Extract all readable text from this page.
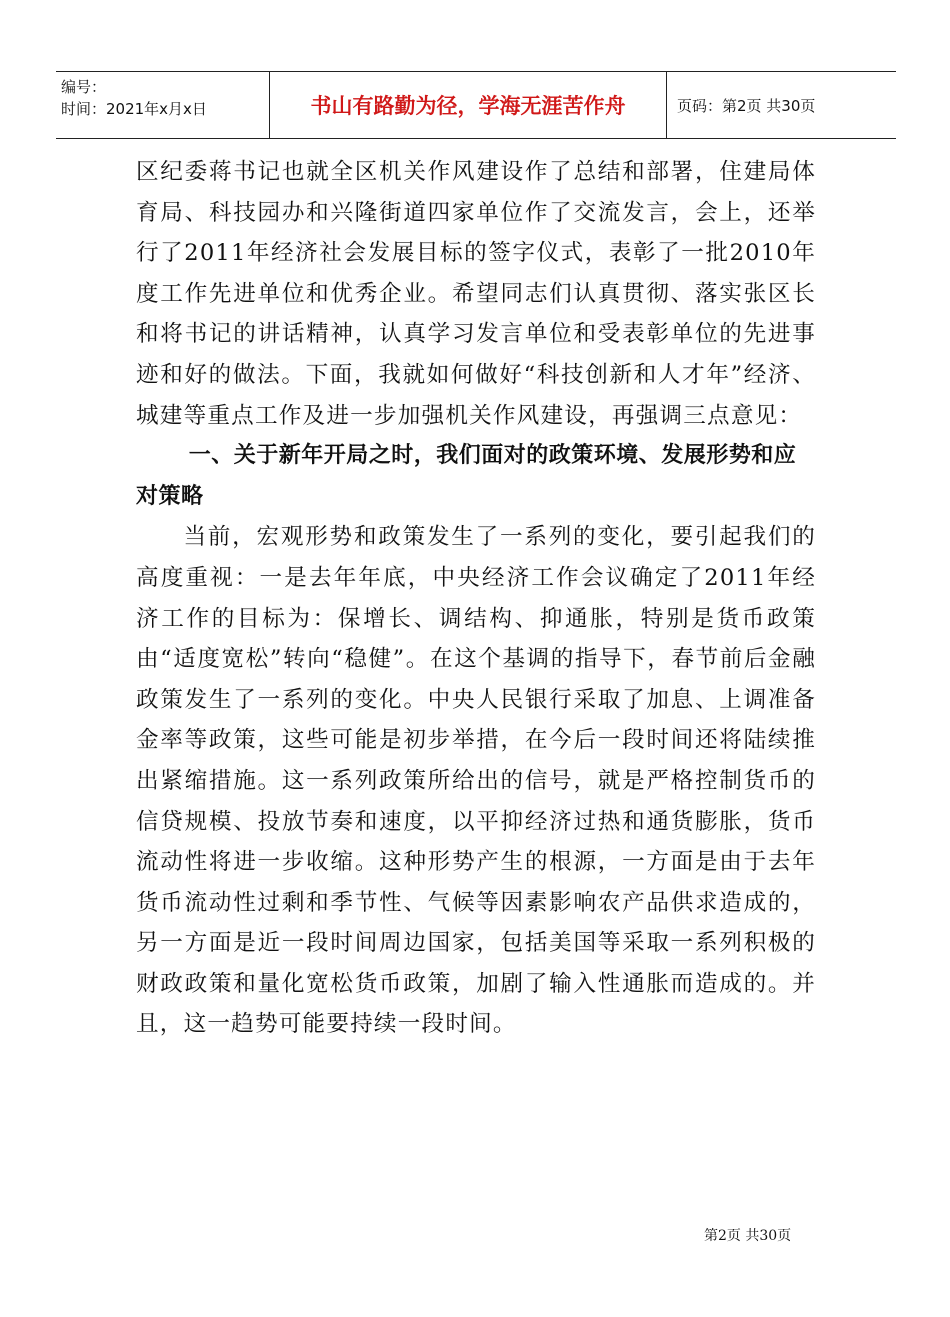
编号：
时间：2021年x月x日	书山有路勤为径，学海无涯苦作舟	页码：第2页 共30页

区纪委蒋书记也就全区机关作风建设作了总结和部署，住建局体育局、科技园办和兴隆街道四家单位作了交流发言，会上，还举行了2011年经济社会发展目标的签字仪式，表彰了一批2010年度工作先进单位和优秀企业。希望同志们认真贯彻、落实张区长和将书记的讲话精神，认真学习发言单位和受表彰单位的先进事迹和好的做法。下面，我就如何做好“科技创新和人才年”经济、城建等重点工作及进一步加强机关作风建设，再强调三点意见：

一、关于新年开局之时，我们面对的政策环境、发展形势和应对策略

当前，宏观形势和政策发生了一系列的变化，要引起我们的高度重视：一是去年年底，中央经济工作会议确定了2011年经济工作的目标为：保增长、调结构、抑通胀，特别是货币政策由“适度宽松”转向“稳健”。在这个基调的指导下，春节前后金融政策发生了一系列的变化。中央人民银行采取了加息、上调准备金率等政策，这些可能是初步举措，在今后一段时间还将陆续推出紧缩措施。这一系列政策所给出的信号，就是严格控制货币的信贷规模、投放节奏和速度，以平抑经济过热和通货膨胀，货币流动性将进一步收缩。这种形势产生的根源，一方面是由于去年货币流动性过剩和季节性、气候等因素影响农产品供求造成的，另一方面是近一段时间周边国家，包括美国等采取一系列积极的财政政策和量化宽松货币政策，加剧了输入性通胀而造成的。并且，这一趋势可能要持续一段时间。

第2页 共30页
